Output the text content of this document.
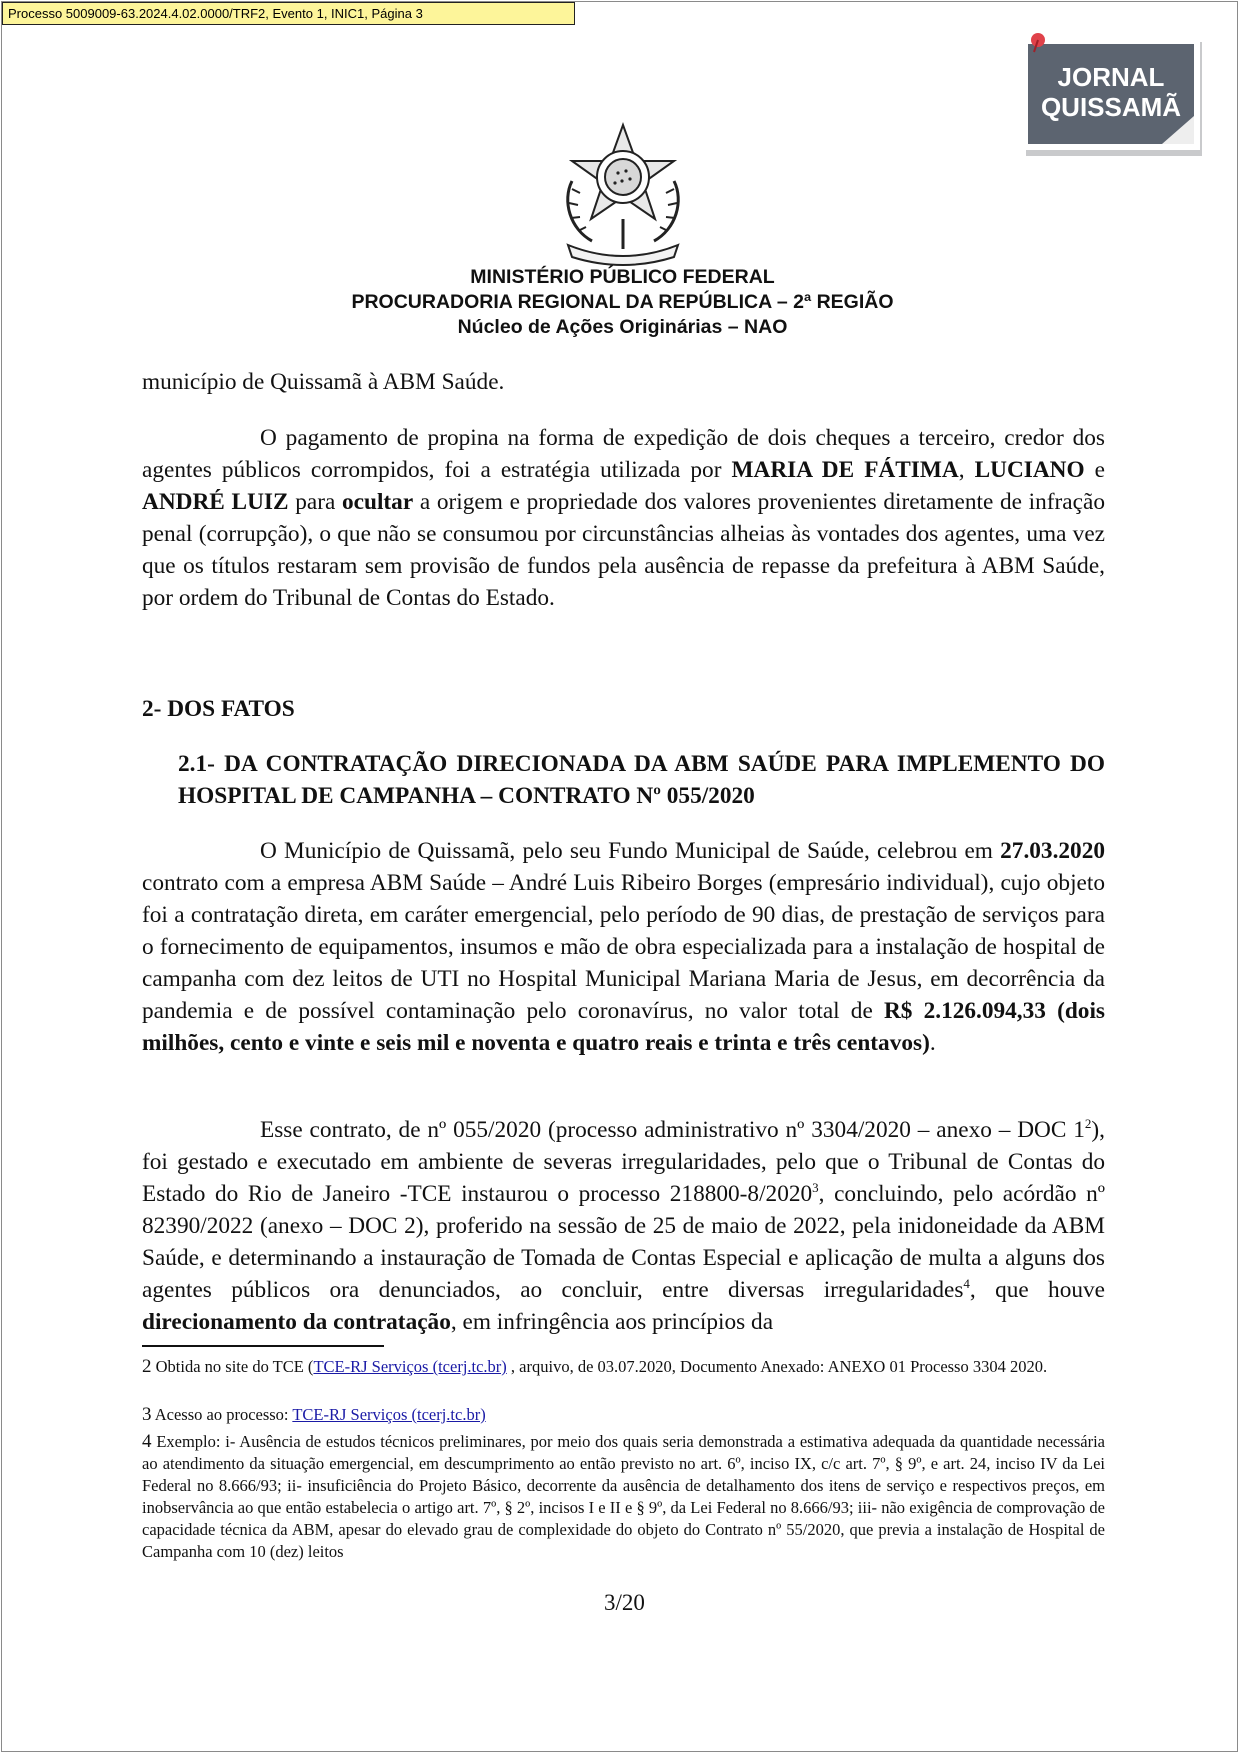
Processo 5009009-63.2024.4.02.0000/TRF2, Evento 1, INIC1, Página 3
JORNAL
QUISSAMÃ
MINISTÉRIO PÚBLICO FEDERAL
PROCURADORIA REGIONAL DA REPÚBLICA – 2ª REGIÃO
Núcleo de Ações Originárias – NAO

município de Quissamã à ABM Saúde.

O pagamento de propina na forma de expedição de dois cheques a terceiro, credor dos agentes públicos corrompidos, foi a estratégia utilizada por MARIA DE FÁTIMA, LUCIANO e ANDRÉ LUIZ para ocultar a origem e propriedade dos valores provenientes diretamente de infração penal (corrupção), o que não se consumou por circunstâncias alheias às vontades dos agentes, uma vez que os títulos restaram sem provisão de fundos pela ausência de repasse da prefeitura à ABM Saúde, por ordem do Tribunal de Contas do Estado.

2- DOS FATOS
2.1- DA CONTRATAÇÃO DIRECIONADA DA ABM SAÚDE PARA IMPLEMENTO DO HOSPITAL DE CAMPANHA – CONTRATO Nº 055/2020

O Município de Quissamã, pelo seu Fundo Municipal de Saúde, celebrou em 27.03.2020 contrato com a empresa ABM Saúde – André Luis Ribeiro Borges (empresário individual), cujo objeto foi a contratação direta, em caráter emergencial, pelo período de 90 dias, de prestação de serviços para o fornecimento de equipamentos, insumos e mão de obra especializada para a instalação de hospital de campanha com dez leitos de UTI no Hospital Municipal Mariana Maria de Jesus, em decorrência da pandemia e de possível contaminação pelo coronavírus, no valor total de R$ 2.126.094,33 (dois milhões, cento e vinte e seis mil e noventa e quatro reais e trinta e três centavos).

Esse contrato, de nº 055/2020 (processo administrativo nº 3304/2020 – anexo – DOC $1^2$), foi gestado e executado em ambiente de severas irregularidades, pelo que o Tribunal de Contas do Estado do Rio de Janeiro -TCE instaurou o processo 218800-8/2020$^3$, concluindo, pelo acórdão nº 82390/2022 (anexo – DOC 2), proferido na sessão de 25 de maio de 2022, pela inidoneidade da ABM Saúde, e determinando a instauração de Tomada de Contas Especial e aplicação de multa a alguns dos agentes públicos ora denunciados, ao concluir, entre diversas irregularidades$^4$, que houve direcionamento da contratação, em infringência aos princípios da

2 Obtida no site do TCE (TCE-RJ Serviços (tcerj.tc.br) , arquivo, de 03.07.2020, Documento Anexado: ANEXO 01 Processo 3304 2020.
3 Acesso ao processo: TCE-RJ Serviços (tcerj.tc.br)
4 Exemplo: i- Ausência de estudos técnicos preliminares, por meio dos quais seria demonstrada a estimativa adequada da quantidade necessária ao atendimento da situação emergencial, em descumprimento ao então previsto no art. 6º, inciso IX, c/c art. 7º, § 9º, e art. 24, inciso IV da Lei Federal no 8.666/93; ii- insuficiência do Projeto Básico, decorrente da ausência de detalhamento dos itens de serviço e respectivos preços, em inobservância ao que então estabelecia o artigo art. 7º, § 2º, incisos I e II e § 9º, da Lei Federal no 8.666/93; iii- não exigência de comprovação de capacidade técnica da ABM, apesar do elevado grau de complexidade do objeto do Contrato nº 55/2020, que previa a instalação de Hospital de Campanha com 10 (dez) leitos
3/20
